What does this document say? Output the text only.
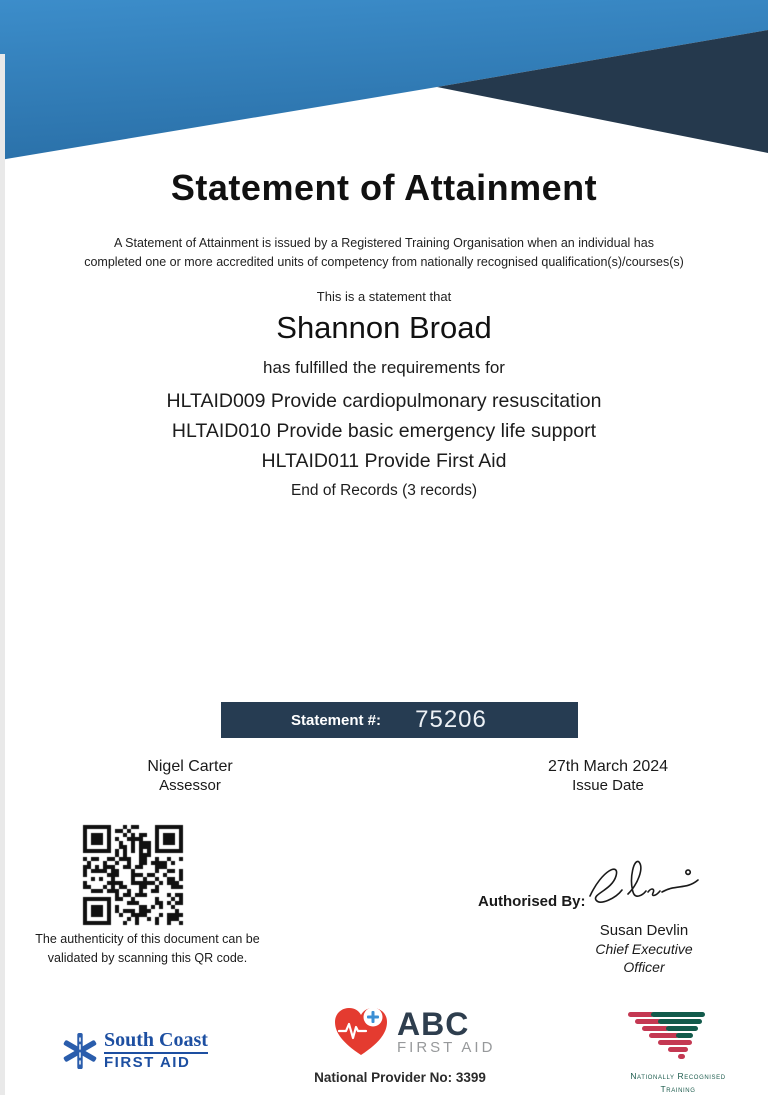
Statement of Attainment
A Statement of Attainment is issued by a Registered Training Organisation when an individual has completed one or more accredited units of competency from nationally recognised qualification(s)/courses(s)
This is a statement that
Shannon Broad
has fulfilled the requirements for
HLTAID009 Provide cardiopulmonary resuscitation
HLTAID010 Provide basic emergency life support
HLTAID011 Provide First Aid
End of Records (3 records)
Statement #:	75206
Nigel Carter
Assessor
27th March 2024
Issue Date
The authenticity of this document can be validated by scanning this QR code.
Authorised By:
Susan Devlin
Chief Executive Officer
South Coast
FIRST AID
ABC
FIRST AID
National Provider No: 3399	Nationally Recognised Training
